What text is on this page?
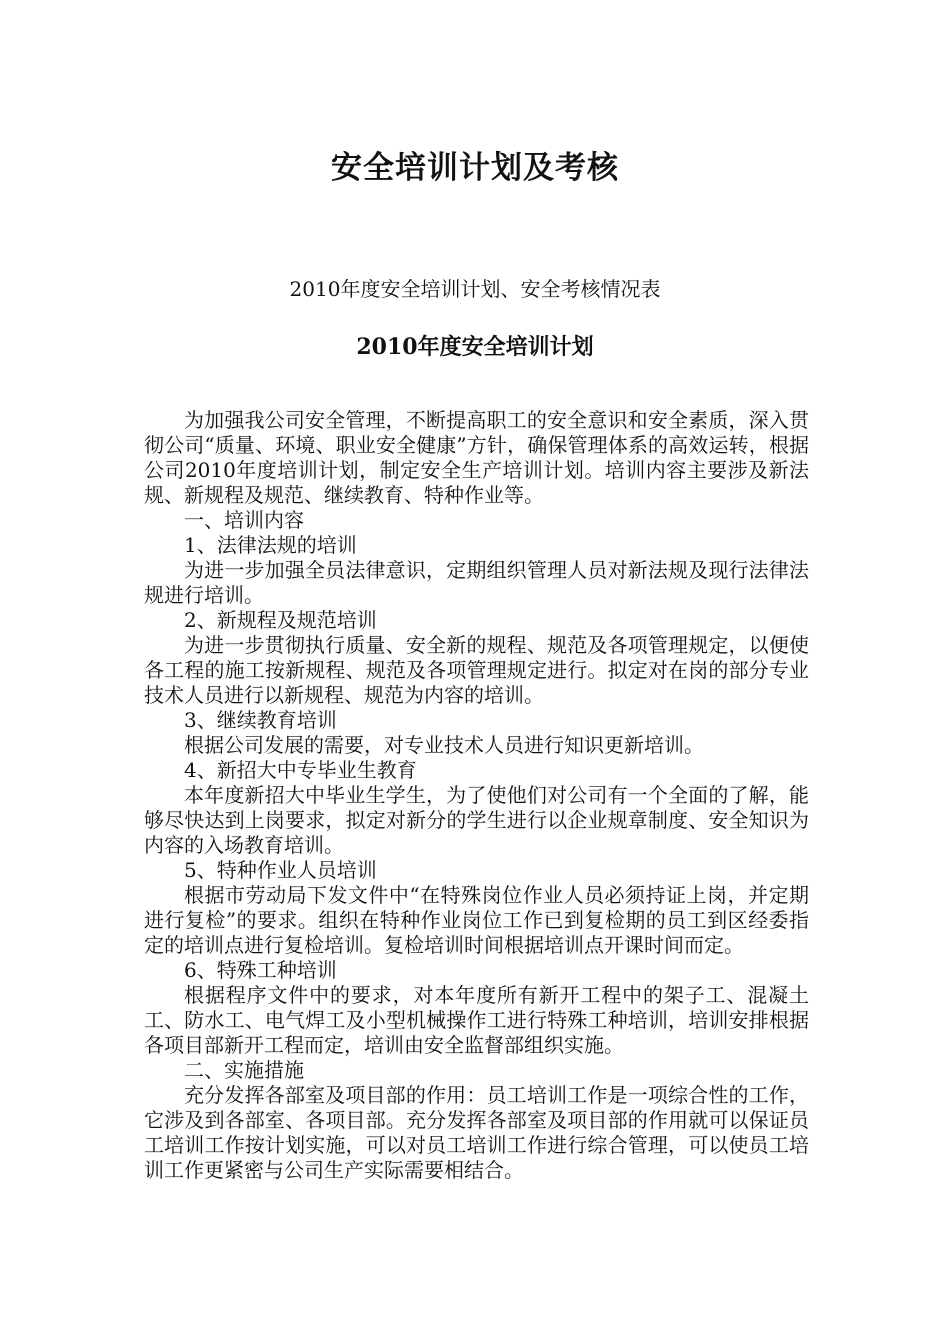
安全培训计划及考核
2010年度安全培训计划、安全考核情况表
2010年度安全培训计划

为加强我公司安全管理，不断提高职工的安全意识和安全素质，深入贯彻公司“质量、环境、职业安全健康”方针，确保管理体系的高效运转，根据公司2010年度培训计划，制定安全生产培训计划。培训内容主要涉及新法规、新规程及规范、继续教育、特种作业等。

一、培训内容

1、法律法规的培训

为进一步加强全员法律意识，定期组织管理人员对新法规及现行法律法规进行培训。

2、新规程及规范培训

为进一步贯彻执行质量、安全新的规程、规范及各项管理规定，以便使各工程的施工按新规程、规范及各项管理规定进行。拟定对在岗的部分专业技术人员进行以新规程、规范为内容的培训。

3、继续教育培训

根据公司发展的需要，对专业技术人员进行知识更新培训。

4、新招大中专毕业生教育

本年度新招大中毕业生学生，为了使他们对公司有一个全面的了解，能够尽快达到上岗要求，拟定对新分的学生进行以企业规章制度、安全知识为内容的入场教育培训。

5、特种作业人员培训

根据市劳动局下发文件中“在特殊岗位作业人员必须持证上岗，并定期进行复检”的要求。组织在特种作业岗位工作已到复检期的员工到区经委指定的培训点进行复检培训。复检培训时间根据培训点开课时间而定。

6、特殊工种培训

根据程序文件中的要求，对本年度所有新开工程中的架子工、混凝土工、防水工、电气焊工及小型机械操作工进行特殊工种培训，培训安排根据各项目部新开工程而定，培训由安全监督部组织实施。

二、实施措施

充分发挥各部室及项目部的作用：员工培训工作是一项综合性的工作，它涉及到各部室、各项目部。充分发挥各部室及项目部的作用就可以保证员工培训工作按计划实施，可以对员工培训工作进行综合管理，可以使员工培训工作更紧密与公司生产实际需要相结合。
